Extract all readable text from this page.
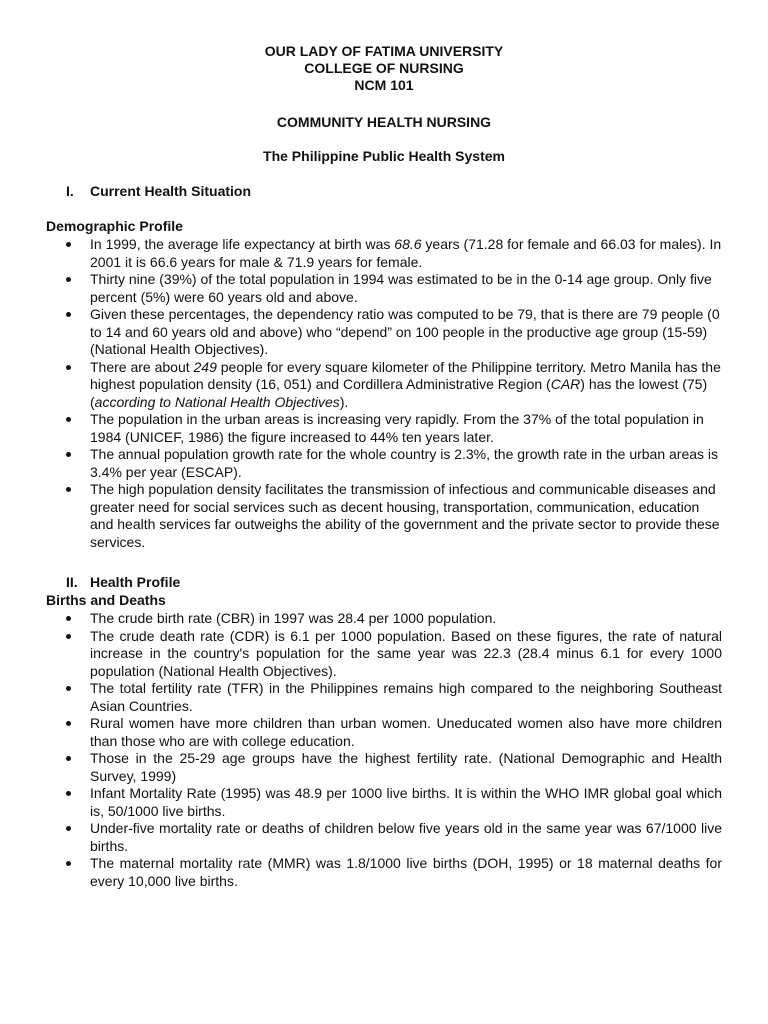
OUR LADY OF FATIMA UNIVERSITY
COLLEGE OF NURSING
NCM 101
COMMUNITY HEALTH NURSING
The Philippine Public Health System
I. Current Health Situation
Demographic Profile
In 1999, the average life expectancy at birth was 68.6 years (71.28 for female and 66.03 for males). In 2001 it is 66.6 years for male & 71.9 years for female.
Thirty nine (39%) of the total population in 1994 was estimated to be in the 0-14 age group. Only five percent (5%) were 60 years old and above.
Given these percentages, the dependency ratio was computed to be 79, that is there are 79 people (0 to 14 and 60 years old and above) who “depend” on 100 people in the productive age group (15-59) (National Health Objectives).
There are about 249 people for every square kilometer of the Philippine territory. Metro Manila has the highest population density (16, 051) and Cordillera Administrative Region (CAR) has the lowest (75) (according to National Health Objectives).
The population in the urban areas is increasing very rapidly. From the 37% of the total population in 1984 (UNICEF, 1986) the figure increased to 44% ten years later.
The annual population growth rate for the whole country is 2.3%, the growth rate in the urban areas is 3.4% per year (ESCAP).
The high population density facilitates the transmission of infectious and communicable diseases and greater need for social services such as decent housing, transportation, communication, education and health services far outweighs the ability of the government and the private sector to provide these services.
II. Health Profile
Births and Deaths
The crude birth rate (CBR) in 1997 was 28.4 per 1000 population.
The crude death rate (CDR) is 6.1 per 1000 population. Based on these figures, the rate of natural increase in the country's population for the same year was 22.3 (28.4 minus 6.1 for every 1000 population (National Health Objectives).
The total fertility rate (TFR) in the Philippines remains high compared to the neighboring Southeast Asian Countries.
Rural women have more children than urban women. Uneducated women also have more children than those who are with college education.
Those in the 25-29 age groups have the highest fertility rate. (National Demographic and Health Survey, 1999)
Infant Mortality Rate (1995) was 48.9 per 1000 live births. It is within the WHO IMR global goal which is, 50/1000 live births.
Under-five mortality rate or deaths of children below five years old in the same year was 67/1000 live births.
The maternal mortality rate (MMR) was 1.8/1000 live births (DOH, 1995) or 18 maternal deaths for every 10,000 live births.
